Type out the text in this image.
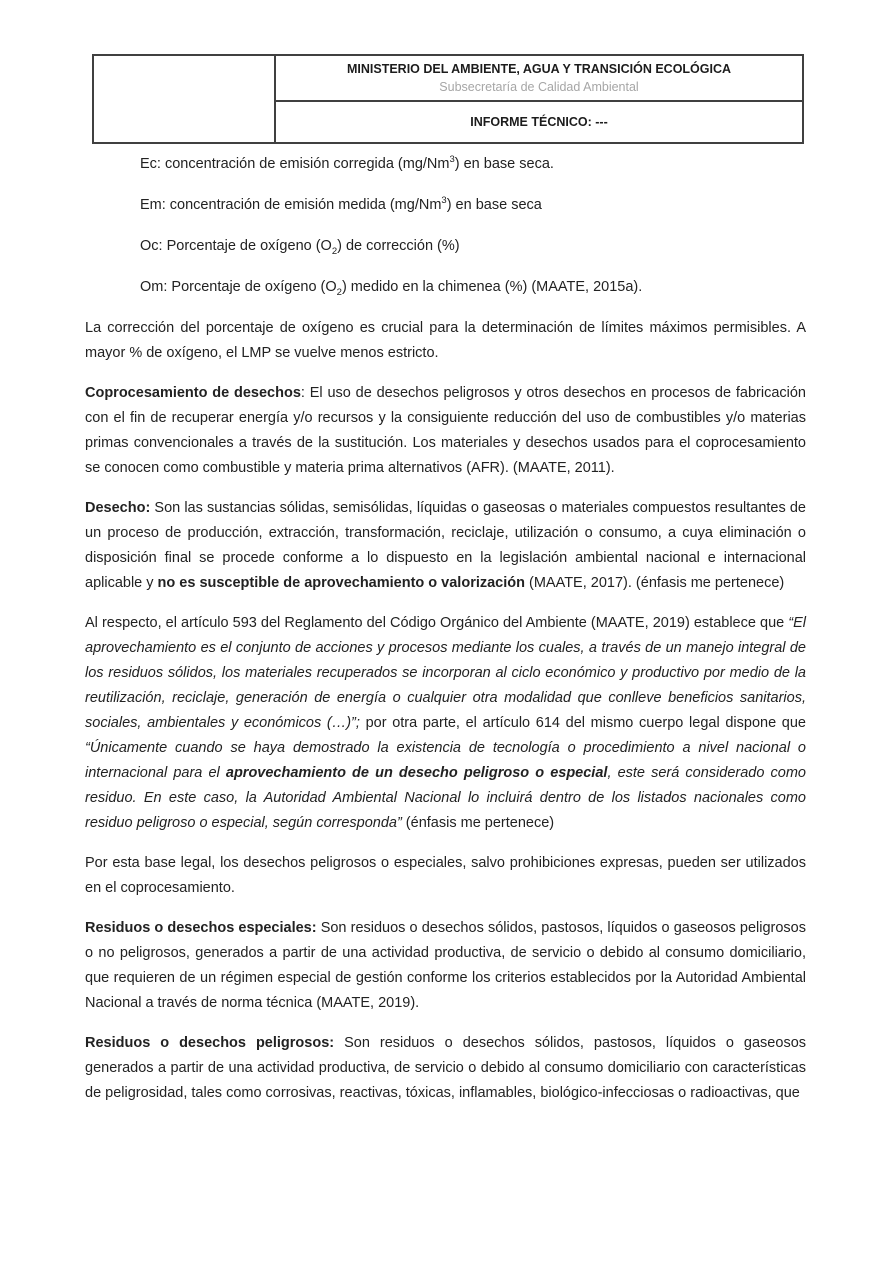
MINISTERIO DEL AMBIENTE, AGUA Y TRANSICIÓN ECOLÓGICA
Subsecretaría de Calidad Ambiental

INFORME TÉCNICO: ---
Ec: concentración de emisión corregida (mg/Nm$^3$) en base seca.
Em: concentración de emisión medida (mg/Nm$^3$) en base seca
Oc: Porcentaje de oxígeno $(O_2)$ de corrección (%)
Om: Porcentaje de oxígeno $(O_2)$ medido en la chimenea (%) (MAATE, 2015a).

La corrección del porcentaje de oxígeno es crucial para la determinación de límites máximos permisibles. A mayor % de oxígeno, el LMP se vuelve menos estricto.

Coprocesamiento de desechos: El uso de desechos peligrosos y otros desechos en procesos de fabricación con el fin de recuperar energía y/o recursos y la consiguiente reducción del uso de combustibles y/o materias primas convencionales a través de la sustitución. Los materiales y desechos usados para el coprocesamiento se conocen como combustible y materia prima alternativos (AFR). (MAATE, 2011).

Desecho: Son las sustancias sólidas, semisólidas, líquidas o gaseosas o materiales compuestos resultantes de un proceso de producción, extracción, transformación, reciclaje, utilización o consumo, a cuya eliminación o disposición final se procede conforme a lo dispuesto en la legislación ambiental nacional e internacional aplicable y no es susceptible de aprovechamiento o valorización (MAATE, 2017). (énfasis me pertenece)

Al respecto, el artículo 593 del Reglamento del Código Orgánico del Ambiente (MAATE, 2019) establece que “El aprovechamiento es el conjunto de acciones y procesos mediante los cuales, a través de un manejo integral de los residuos sólidos, los materiales recuperados se incorporan al ciclo económico y productivo por medio de la reutilización, reciclaje, generación de energía o cualquier otra modalidad que conlleve beneficios sanitarios, sociales, ambientales y económicos (…)”; por otra parte, el artículo 614 del mismo cuerpo legal dispone que “Únicamente cuando se haya demostrado la existencia de tecnología o procedimiento a nivel nacional o internacional para el aprovechamiento de un desecho peligroso o especial, este será considerado como residuo. En este caso, la Autoridad Ambiental Nacional lo incluirá dentro de los listados nacionales como residuo peligroso o especial, según corresponda” (énfasis me pertenece)

Por esta base legal, los desechos peligrosos o especiales, salvo prohibiciones expresas, pueden ser utilizados en el coprocesamiento.

Residuos o desechos especiales: Son residuos o desechos sólidos, pastosos, líquidos o gaseosos peligrosos o no peligrosos, generados a partir de una actividad productiva, de servicio o debido al consumo domiciliario, que requieren de un régimen especial de gestión conforme los criterios establecidos por la Autoridad Ambiental Nacional a través de norma técnica (MAATE, 2019).

Residuos o desechos peligrosos: Son residuos o desechos sólidos, pastosos, líquidos o gaseosos generados a partir de una actividad productiva, de servicio o debido al consumo domiciliario con características de peligrosidad, tales como corrosivas, reactivas, tóxicas, inflamables, biológico-infecciosas o radioactivas, que
